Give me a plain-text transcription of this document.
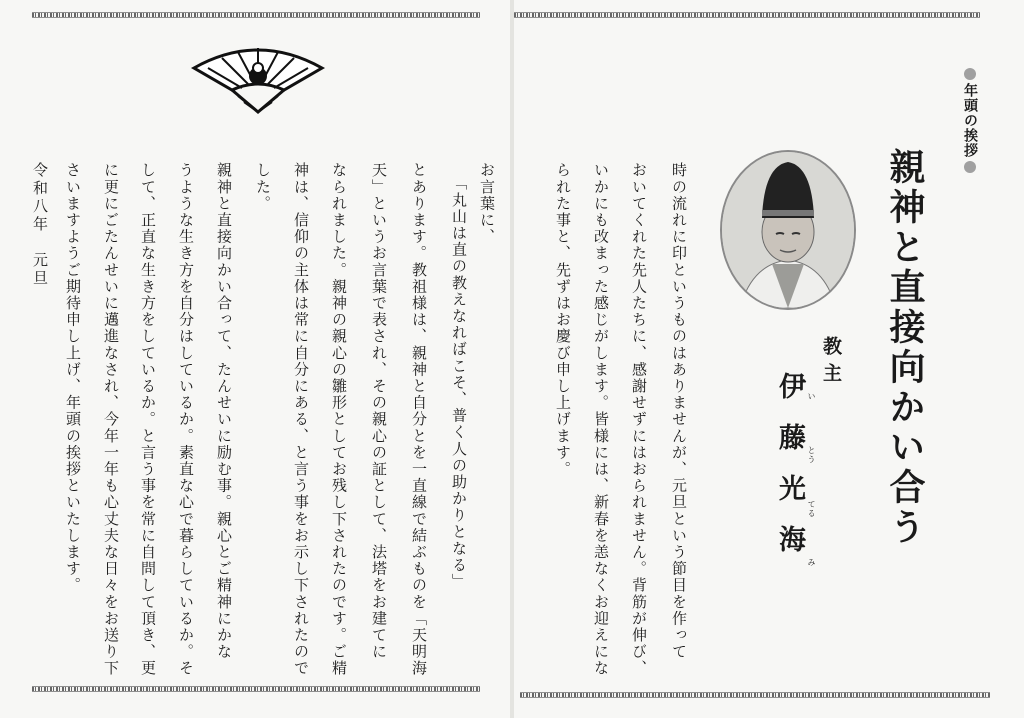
お言葉に、
「丸山は直の教えなればこそ、普く人の助かりとなる」
とあります。教祖様は、親神と自分とを一直線で結ぶものを「天明海
天」というお言葉で表され、その親心の証として、法塔をお建てに
なられました。親神の親心の雛形としてお残し下されたのです。ご精
神は、信仰の主体は常に自分にある、と言う事をお示し下されたので
した。
親神と直接向かい合って、たんせいに励む事。親心とご精神にかな
うような生き方を自分はしているか。素直な心で暮らしているか。そ
して、正直な生き方をしているか。と言う事を常に自問して頂き、更
に更にごたんせいに邁進なされ、今年一年も心丈夫な日々をお送り下
さいますようご期待申し上げ、年頭の挨拶といたします。
令和八年　元旦
年頭の挨拶
親神と直接向かい合う
教主
伊藤光海 い
とう
てる
み
時の流れに印というものはありませんが、元旦という節目を作って
おいてくれた先人たちに、感謝せずにはおられません。背筋が伸び、
いかにも改まった感じがします。皆様には、新春を恙なくお迎えにな
られた事と、先ずはお慶び申し上げます。
